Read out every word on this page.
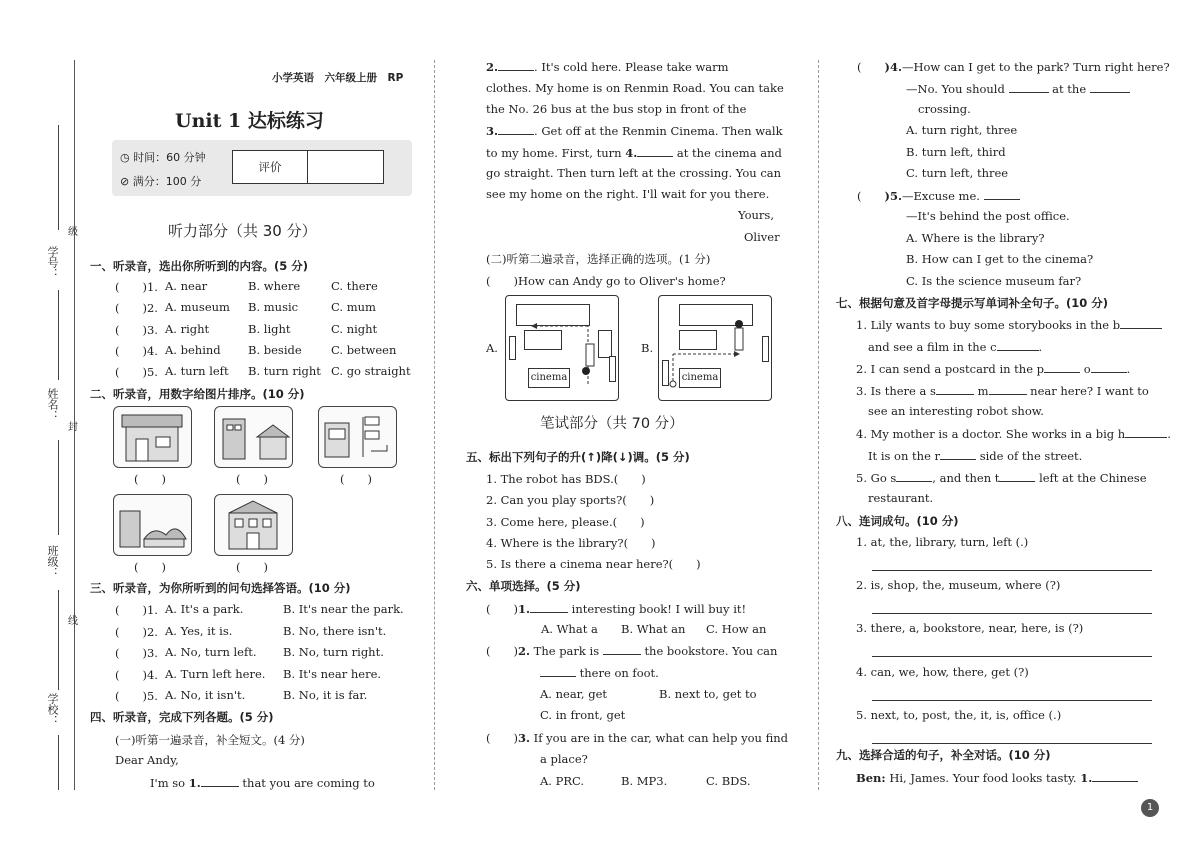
学号：
姓名：
班级：
学校：
级
封
线
小学英语　六年级上册　RP
Unit 1 达标练习
◷ 时间：60 分钟
⊘ 满分：100 分
评价
听力部分（共 30 分）
一、听录音，选出你所听到的内容。(5 分)
(　　)1. A. near	B. where	C. there
(　　)2. A. museum B. music	C. mum
(　　)3. A. right	B. light	C. night
(　　)4. A. behind B. beside	C. between
(　　)5. A. turn left B. turn right C. go straight
二、听录音，用数字给图片排序。(10 分)
(　　)	(　　)	(　　)
(　　)	(　　)
三、听录音，为你所听到的问句选择答语。(10 分)
(　　)1. A. It's a park.	B. It's near the park.
(　　)2. A. Yes, it is.	B. No, there isn't.
(　　)3. A. No, turn left. B. No, turn right.
(　　)4. A. Turn left here. B. It's near here.
(　　)5. A. No, it isn't.	B. No, it is far.
四、听录音，完成下列各题。(5 分)
(一)听第一遍录音，补全短文。(4 分)
Dear Andy,
I'm so 1.	that you are coming to
2.	. It's cold here. Please take warm
clothes. My home is on Renmin Road. You can take
the No. 26 bus at the bus stop in front of the
3.	. Get off at the Renmin Cinema. Then walk
to my home. First, turn 4.	at the cinema and
go straight. Then turn left at the crossing. You can
see my home on the right. I'll wait for you there.
Yours,
Oliver
(二)听第二遍录音，选择正确的选项。(1 分)
(　　)How can Andy go to Oliver's home?
A.
cinema
B.
cinema
笔试部分（共 70 分）
五、标出下列句子的升(↑)降(↓)调。(5 分)
1. The robot has BDS.(　　)
2. Can you play sports?(　　)
3. Come here, please.(　　)
4. Where is the library?(　　)
5. Is there a cinema near here?(　　)
六、单项选择。(5 分)
(　　)1.	interesting book! I will buy it!
A. What a B. What an C. How an
(　　)2. The park is	the bookstore. You can
there on foot.
A. near, get	B. next to, get to
C. in front, get
(　　)3. If you are in the car, what can help you find
a place?
A. PRC.	B. MP3.	C. BDS.
(　　)4.—How can I get to the park? Turn right here?
—No. You should	at the
crossing.
A. turn right, three
B. turn left, third
C. turn left, three
(　　)5.—Excuse me.
—It's behind the post office.
A. Where is the library?
B. How can I get to the cinema?
C. Is the science museum far?
七、根据句意及首字母提示写单词补全句子。(10 分)
1. Lily wants to buy some storybooks in the b
and see a film in the c	.
2. I can send a postcard in the p	o	.
3. Is there a s	m	near here? I want to
see an interesting robot show.
4. My mother is a doctor. She works in a big h	.
It is on the r	side of the street.
5. Go s	, and then t	left at the Chinese
restaurant.
八、连词成句。(10 分)
1. at, the, library, turn, left (.)
2. is, shop, the, museum, where (?)
3. there, a, bookstore, near, here, is (?)
4. can, we, how, there, get (?)
5. next, to, post, the, it, is, office (.)
九、选择合适的句子，补全对话。(10 分)
Ben: Hi, James. Your food looks tasty. 1.
1
